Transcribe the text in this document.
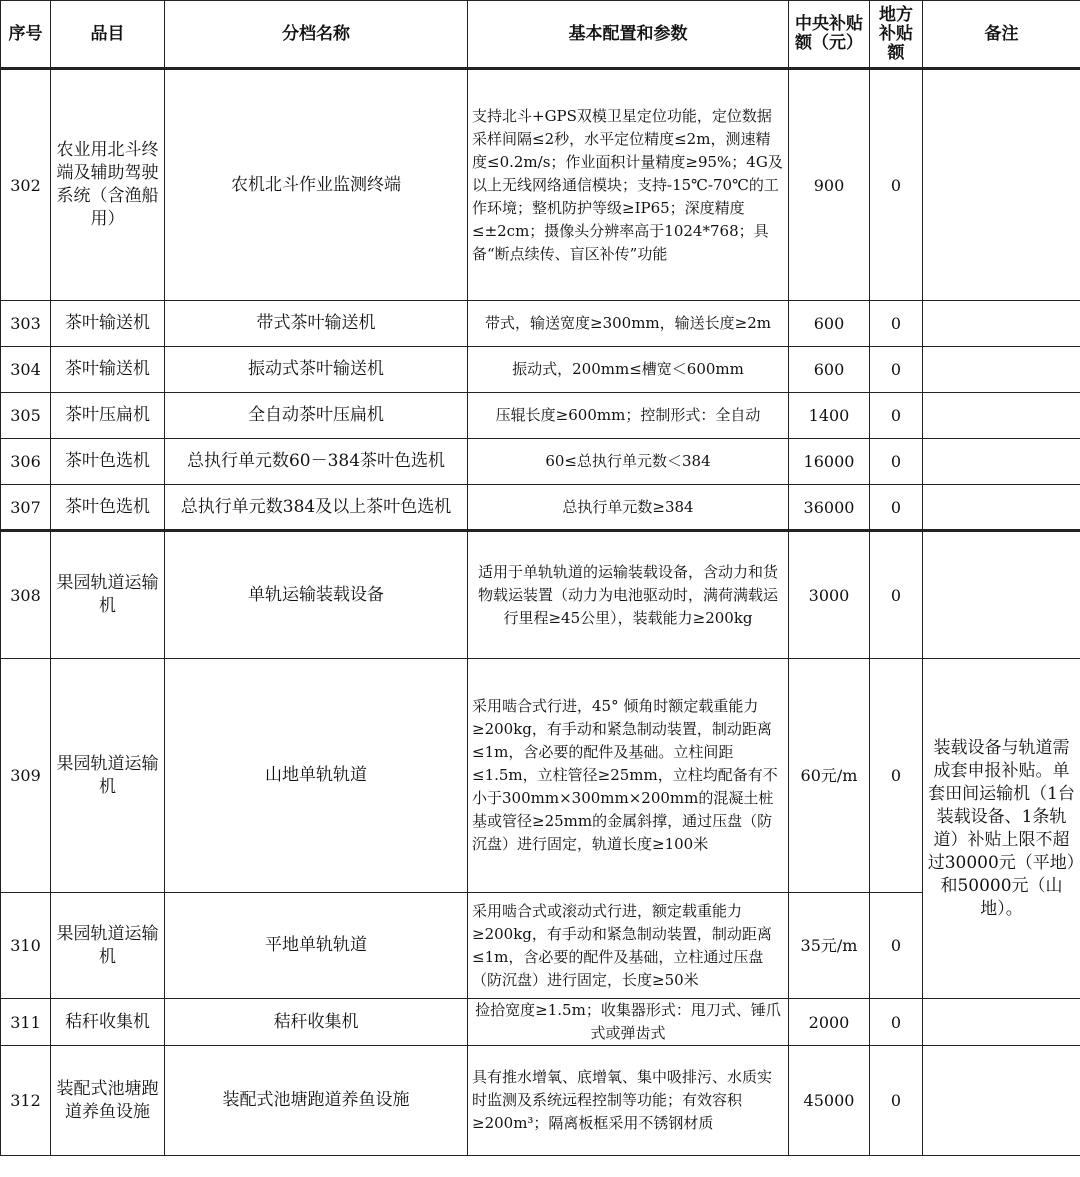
序号	品目	分档名称	基本配置和参数	中央补贴额（元）	地方补贴额	备注
302	农业用北斗终端及辅助驾驶系统（含渔船用）	农机北斗作业监测终端	支持北斗+GPS双模卫星定位功能，定位数据采样间隔≤2秒，水平定位精度≤2m，测速精度≤0.2m/s；作业面积计量精度≥95%；4G及以上无线网络通信模块；支持-15℃-70℃的工作环境；整机防护等级≥IP65；深度精度≤±2cm；摄像头分辨率高于1024*768；具备“断点续传、盲区补传”功能	900	0	
303	茶叶输送机	带式茶叶输送机	带式，输送宽度≥300mm，输送长度≥2m	600	0	
304	茶叶输送机	振动式茶叶输送机	振动式，200mm≤槽宽＜600mm	600	0	
305	茶叶压扁机	全自动茶叶压扁机	压辊长度≥600mm；控制形式：全自动	1400	0	
306	茶叶色选机	总执行单元数60－384茶叶色选机	60≤总执行单元数＜384	16000	0	
307	茶叶色选机	总执行单元数384及以上茶叶色选机	总执行单元数≥384	36000	0	
308	果园轨道运输机	单轨运输装载设备	适用于单轨轨道的运输装载设备，含动力和货物载运装置（动力为电池驱动时，满荷满载运行里程≥45公里），装载能力≥200kg	3000	0	
309	果园轨道运输机	山地单轨轨道	采用啮合式行进，45° 倾角时额定载重能力≥200kg，有手动和紧急制动装置，制动距离≤1m，含必要的配件及基础。立柱间距≤1.5m，立柱管径≥25mm，立柱均配备有不小于300mm×300mm×200mm的混凝土桩基或管径≥25mm的金属斜撑，通过压盘（防沉盘）进行固定，轨道长度≥100米	60元/m	0	装载设备与轨道需成套申报补贴。单套田间运输机（1台装载设备、1条轨道）补贴上限不超过30000元（平地）和50000元（山地）。
310	果园轨道运输机	平地单轨轨道	采用啮合式或滚动式行进，额定载重能力≥200kg，有手动和紧急制动装置，制动距离≤1m，含必要的配件及基础，立柱通过压盘（防沉盘）进行固定，长度≥50米	35元/m	0	
311	秸秆收集机	秸秆收集机	捡拾宽度≥1.5m；收集器形式：甩刀式、锤爪式或弹齿式	2000	0	
312	装配式池塘跑道养鱼设施	装配式池塘跑道养鱼设施	具有推水增氧、底增氧、集中吸排污、水质实时监测及系统远程控制等功能；有效容积≥200m³；隔离板框采用不锈钢材质	45000	0	
